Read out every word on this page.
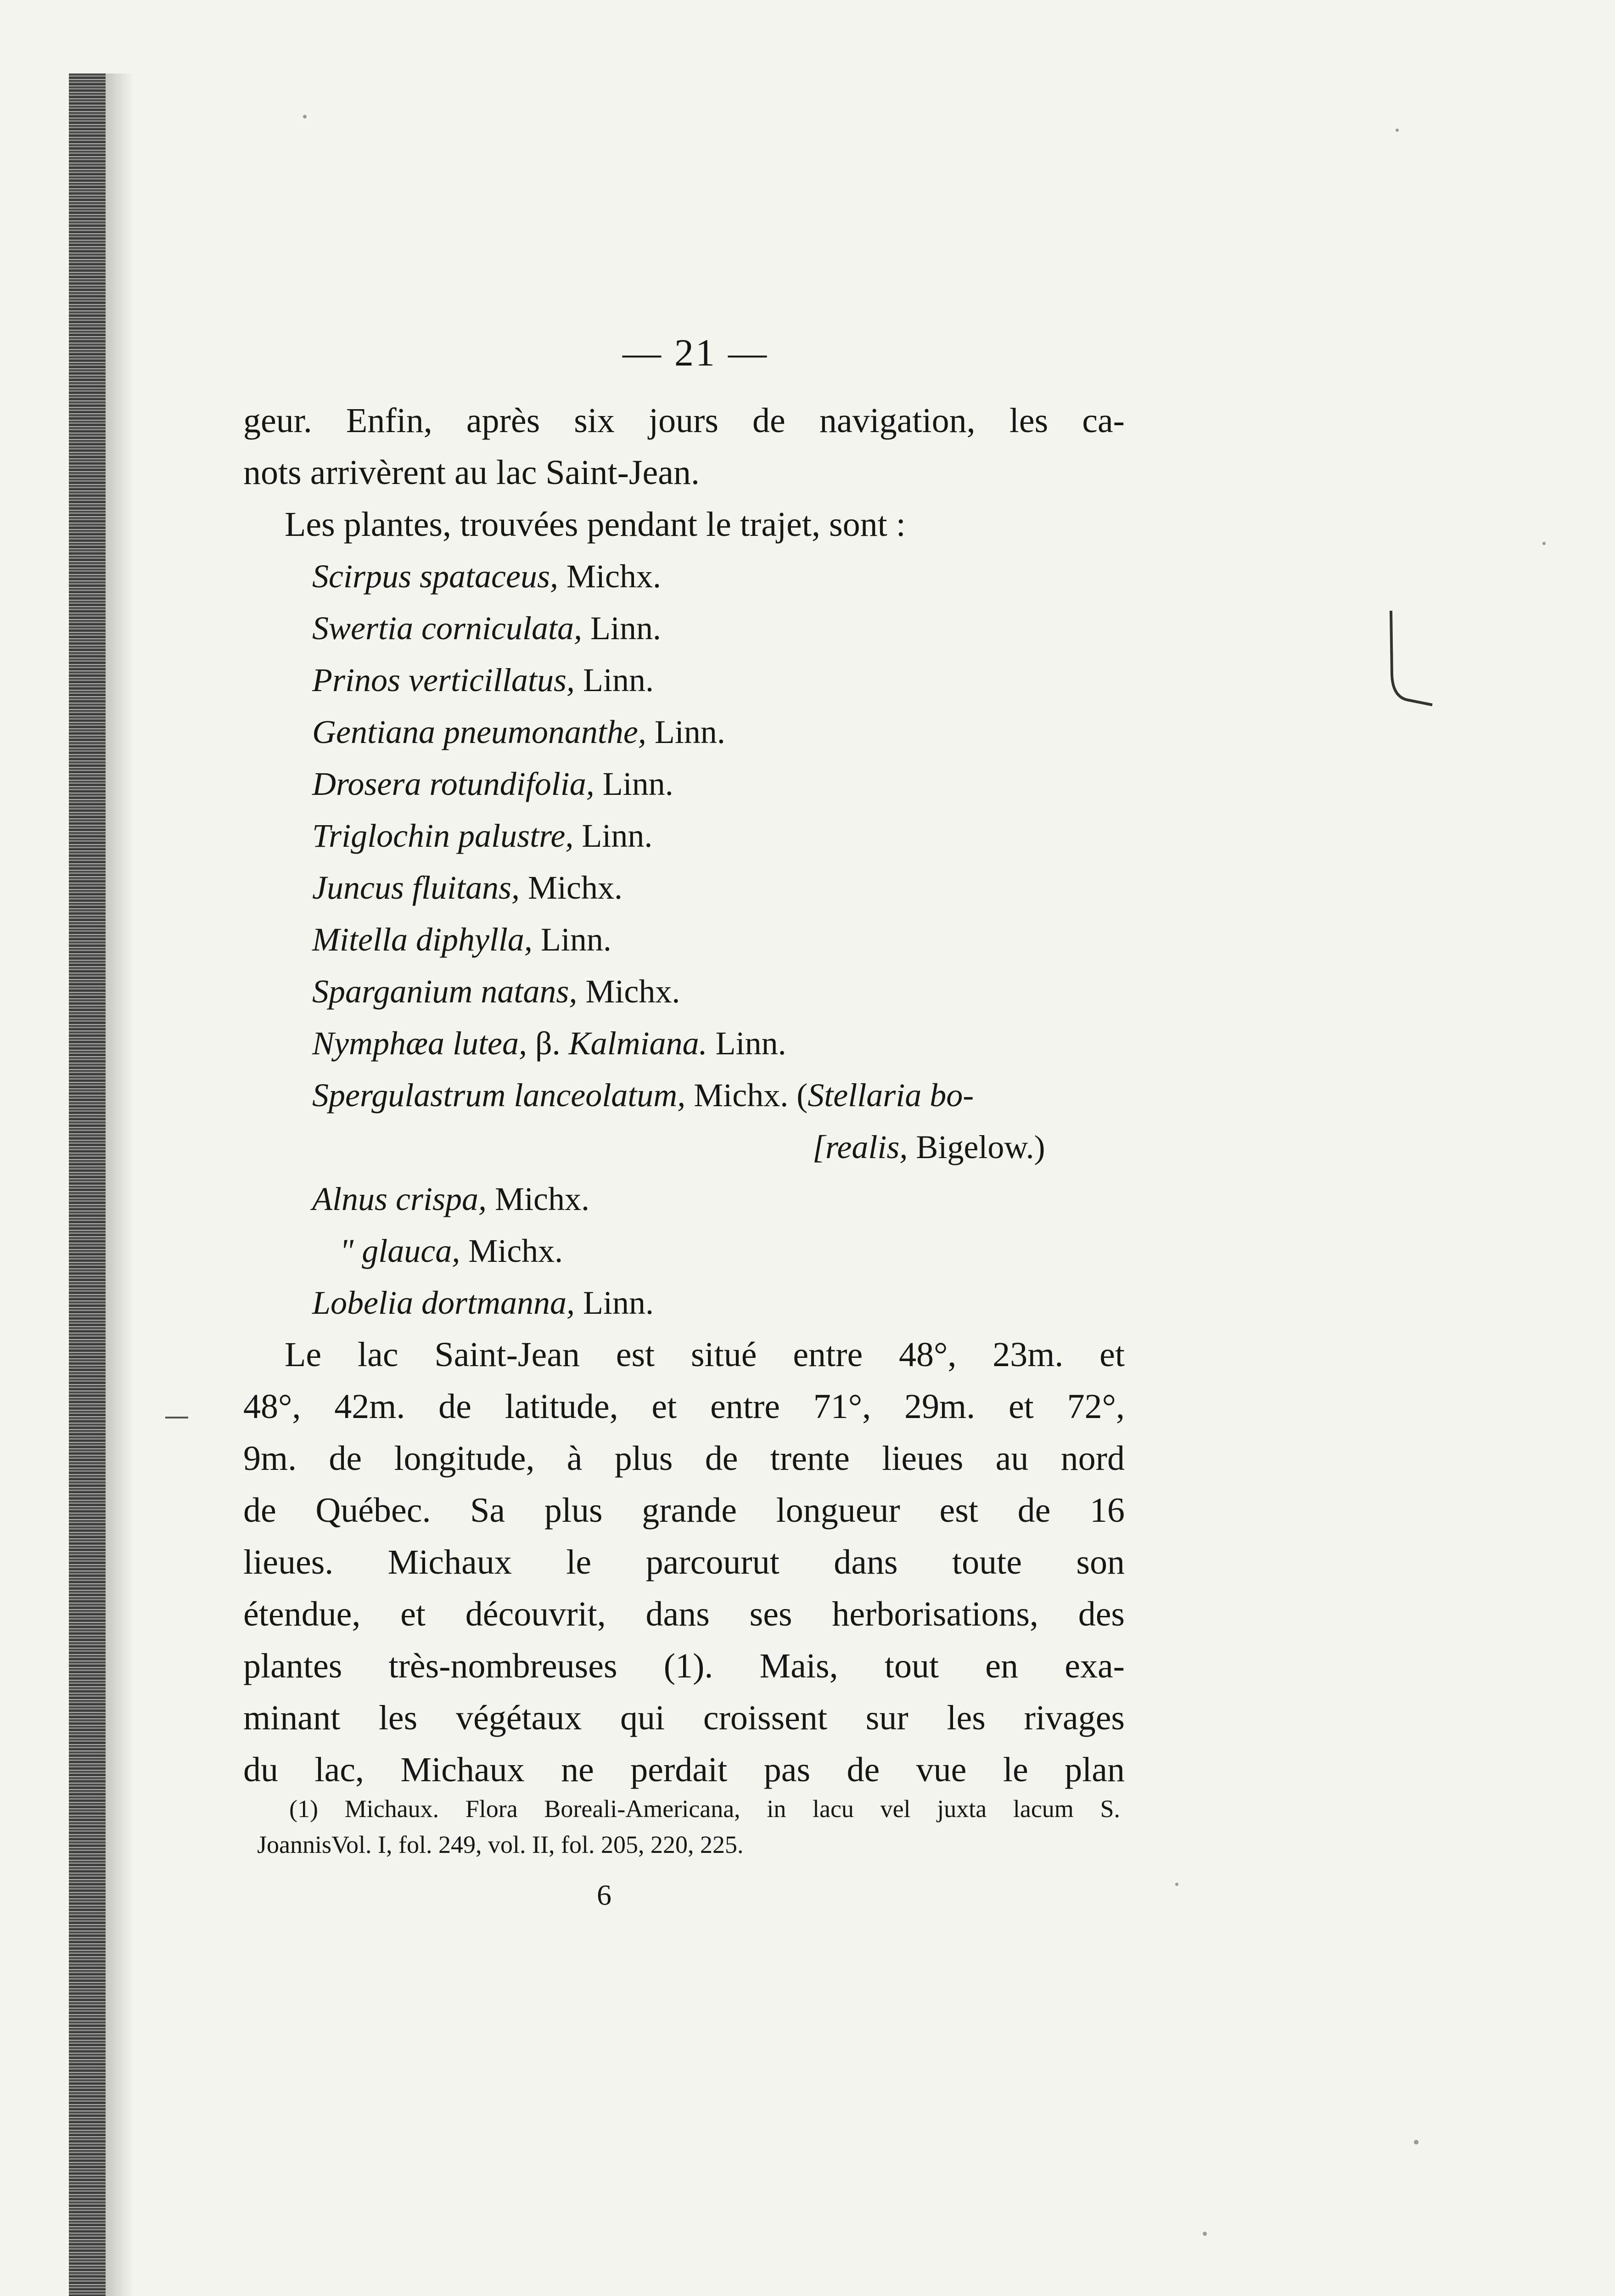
— 21 —
geur. Enfin, après six jours de navigation, les ca-
nots arrivèrent au lac Saint-Jean.
Les plantes, trouvées pendant le trajet, sont :
Scirpus spataceus, Michx.
Swertia corniculata, Linn.
Prinos verticillatus, Linn.
Gentiana pneumonanthe, Linn.
Drosera rotundifolia, Linn.
Triglochin palustre, Linn.
Juncus fluitans, Michx.
Mitella diphylla, Linn.
Sparganium natans, Michx.
Nymphæa lutea, β. Kalmiana. Linn.
Spergulastrum lanceolatum, Michx. (Stellaria bo-
[realis, Bigelow.)
Alnus crispa, Michx.
" glauca, Michx.
Lobelia dortmanna, Linn.
Le lac Saint-Jean est situé entre 48°, 23m. et
48°, 42m. de latitude, et entre 71°, 29m. et 72°,
9m. de longitude, à plus de trente lieues au nord
de Québec. Sa plus grande longueur est de 16
lieues. Michaux le parcourut dans toute son
étendue, et découvrit, dans ses herborisations, des
plantes très-nombreuses (1). Mais, tout en exa-
minant les végétaux qui croissent sur les rivages
du lac, Michaux ne perdait pas de vue le plan
(1) Michaux. Flora Boreali-Americana, in lacu vel juxta lacum S.
JoannisVol. I, fol. 249, vol. II, fol. 205, 220, 225.
6
